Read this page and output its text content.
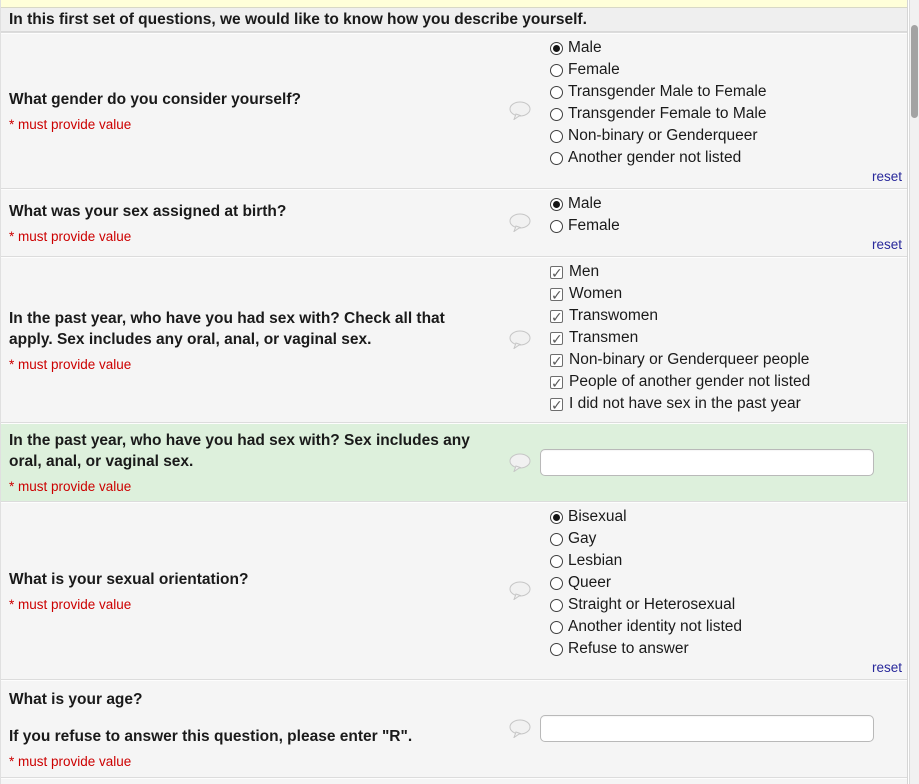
In this first set of questions, we would like to know how you describe yourself.
What gender do you consider yourself?
* must provide value
Male
Female
Transgender Male to Female
Transgender Female to Male
Non-binary or Genderqueer
Another gender not listed
reset
What was your sex assigned at birth?
* must provide value
Male
Female
reset
In the past year, who have you had sex with? Check all that apply. Sex includes any oral, anal, or vaginal sex.
* must provide value
✓ Men
✓ Women
✓ Transwomen
✓ Transmen
✓ Non-binary or Genderqueer people
✓ People of another gender not listed
✓ I did not have sex in the past year
In the past year, who have you had sex with? Sex includes any oral, anal, or vaginal sex.
* must provide value
What is your sexual orientation?
* must provide value
Bisexual
Gay
Lesbian
Queer
Straight or Heterosexual
Another identity not listed
Refuse to answer
reset
What is your age?
If you refuse to answer this question, please enter "R".
* must provide value
